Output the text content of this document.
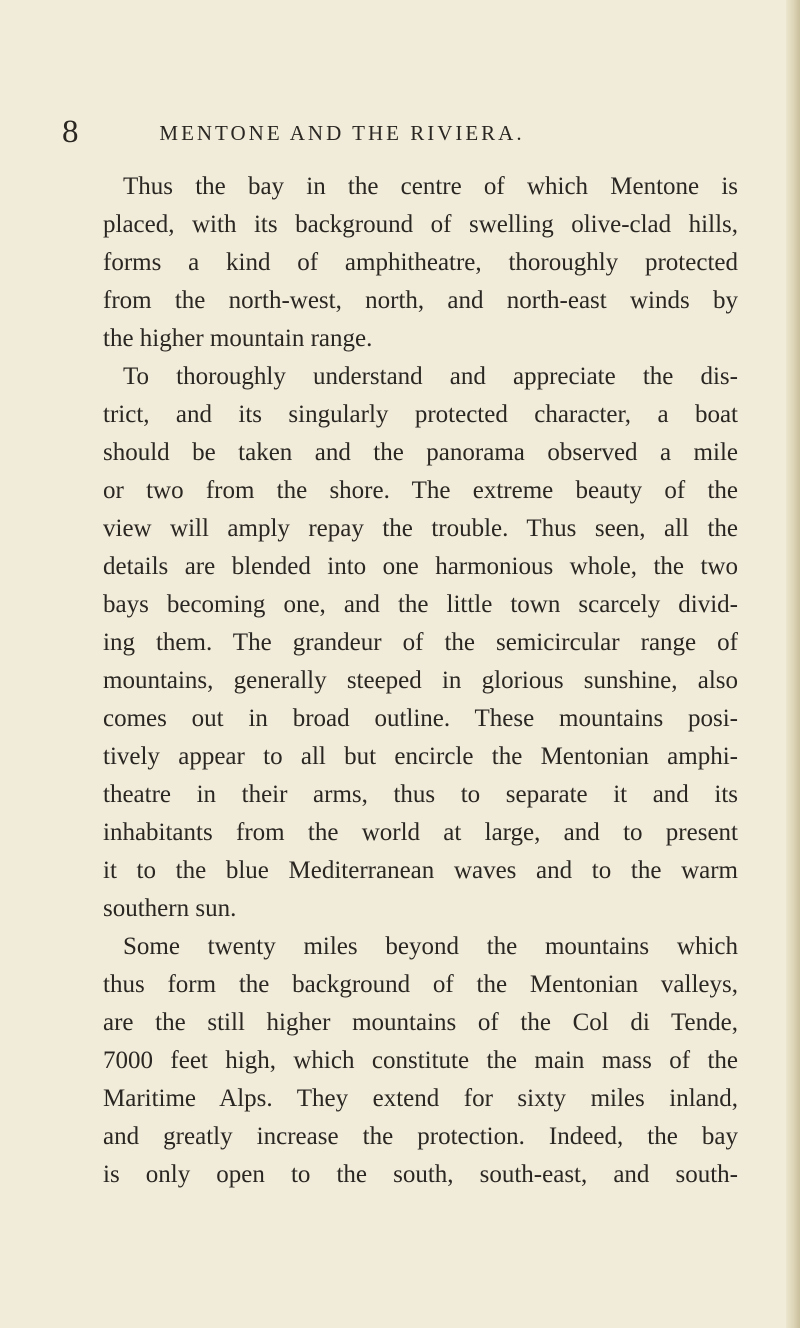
8	MENTONE AND THE RIVIERA.
Thus the bay in the centre of which Mentone is
placed, with its background of swelling olive-clad hills,
forms a kind of amphitheatre, thoroughly protected
from the north-west, north, and north-east winds by
the higher mountain range.
To thoroughly understand and appreciate the dis-
trict, and its singularly protected character, a boat
should be taken and the panorama observed a mile
or two from the shore. The extreme beauty of the
view will amply repay the trouble. Thus seen, all the
details are blended into one harmonious whole, the two
bays becoming one, and the little town scarcely divid-
ing them. The grandeur of the semicircular range of
mountains, generally steeped in glorious sunshine, also
comes out in broad outline. These mountains posi-
tively appear to all but encircle the Mentonian amphi-
theatre in their arms, thus to separate it and its
inhabitants from the world at large, and to present
it to the blue Mediterranean waves and to the warm
southern sun.
Some twenty miles beyond the mountains which
thus form the background of the Mentonian valleys,
are the still higher mountains of the Col di Tende,
7000 feet high, which constitute the main mass of the
Maritime Alps. They extend for sixty miles inland,
and greatly increase the protection. Indeed, the bay
is only open to the south, south-east, and south-
